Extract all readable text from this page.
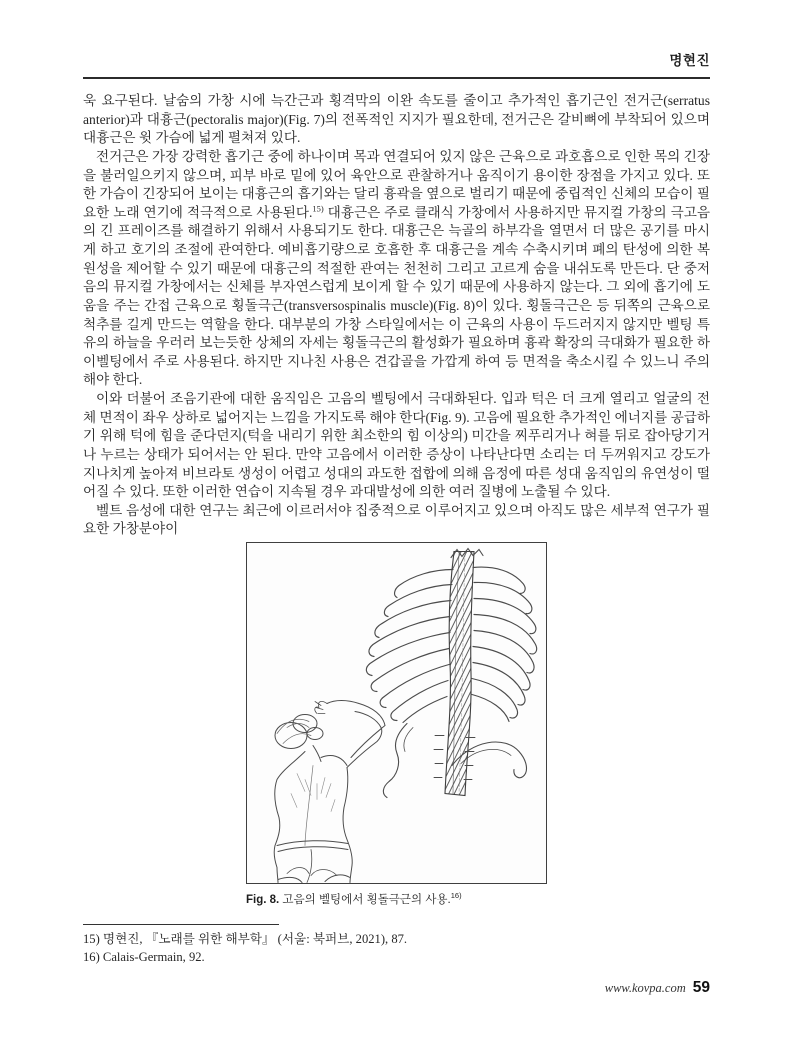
명현진

욱 요구된다. 날숨의 가창 시에 늑간근과 횡격막의 이완 속도를 줄이고 추가적인 흡기근인 전거근(serratus anterior)과 대흉근(pectoralis major)(Fig. 7)의 전폭적인 지지가 필요한데, 전거근은 갈비뼈에 부착되어 있으며 대흉근은 윗 가슴에 넓게 펼쳐져 있다.

전거근은 가장 강력한 흡기근 중에 하나이며 목과 연결되어 있지 않은 근육으로 과호흡으로 인한 목의 긴장을 불러일으키지 않으며, 피부 바로 밑에 있어 육안으로 관찰하거나 움직이기 용이한 장점을 가지고 있다. 또한 가슴이 긴장되어 보이는 대흉근의 흡기와는 달리 흉곽을 옆으로 벌리기 때문에 중립적인 신체의 모습이 필요한 노래 연기에 적극적으로 사용된다.$^{15)}$ 대흉근은 주로 클래식 가창에서 사용하지만 뮤지컬 가창의 극고음의 긴 프레이즈를 해결하기 위해서 사용되기도 한다. 대흉근은 늑골의 하부각을 열면서 더 많은 공기를 마시게 하고 호기의 조절에 관여한다. 예비흡기량으로 호흡한 후 대흉근을 계속 수축시키며 폐의 탄성에 의한 복원성을 제어할 수 있기 때문에 대흉근의 적절한 관여는 천천히 그리고 고르게 숨을 내쉬도록 만든다. 단 중저음의 뮤지컬 가창에서는 신체를 부자연스럽게 보이게 할 수 있기 때문에 사용하지 않는다. 그 외에 흡기에 도움을 주는 간접 근육으로 횡돌극근(transversospinalis muscle)(Fig. 8)이 있다. 횡돌극근은 등 뒤쪽의 근육으로 척추를 길게 만드는 역할을 한다. 대부분의 가창 스타일에서는 이 근육의 사용이 두드러지지 않지만 벨팅 특유의 하늘을 우러러 보는듯한 상체의 자세는 횡돌극근의 활성화가 필요하며 흉곽 확장의 극대화가 필요한 하이벨팅에서 주로 사용된다. 하지만 지나친 사용은 견갑골을 가깝게 하여 등 면적을 축소시킬 수 있느니 주의해야 한다.

이와 더불어 조음기관에 대한 움직임은 고음의 벨팅에서 극대화된다. 입과 턱은 더 크게 열리고 얼굴의 전체 면적이 좌우 상하로 넓어지는 느낌을 가지도록 해야 한다(Fig. 9). 고음에 필요한 추가적인 에너지를 공급하기 위해 턱에 힘을 준다던지(턱을 내리기 위한 최소한의 힘 이상의) 미간을 찌푸리거나 혀를 뒤로 잡아당기거나 누르는 상태가 되어서는 안 된다. 만약 고음에서 이러한 증상이 나타난다면 소리는 더 두꺼워지고 강도가 지나치게 높아져 비브라토 생성이 어렵고 성대의 과도한 접합에 의해 음정에 따른 성대 움직임의 유연성이 떨어질 수 있다. 또한 이러한 연습이 지속될 경우 과대발성에 의한 여러 질병에 노출될 수 있다.

벨트 음성에 대한 연구는 최근에 이르러서야 집중적으로 이루어지고 있으며 아직도 많은 세부적 연구가 필요한 가창분야이

Fig. 8. 고음의 벨팅에서 횡돌극근의 사용.$^{16)}$
15) 명현진, 『노래를 위한 해부학』 (서울: 북퍼브, 2021), 87.
16) Calais-Germain, 92.
www.kovpa.com 59
